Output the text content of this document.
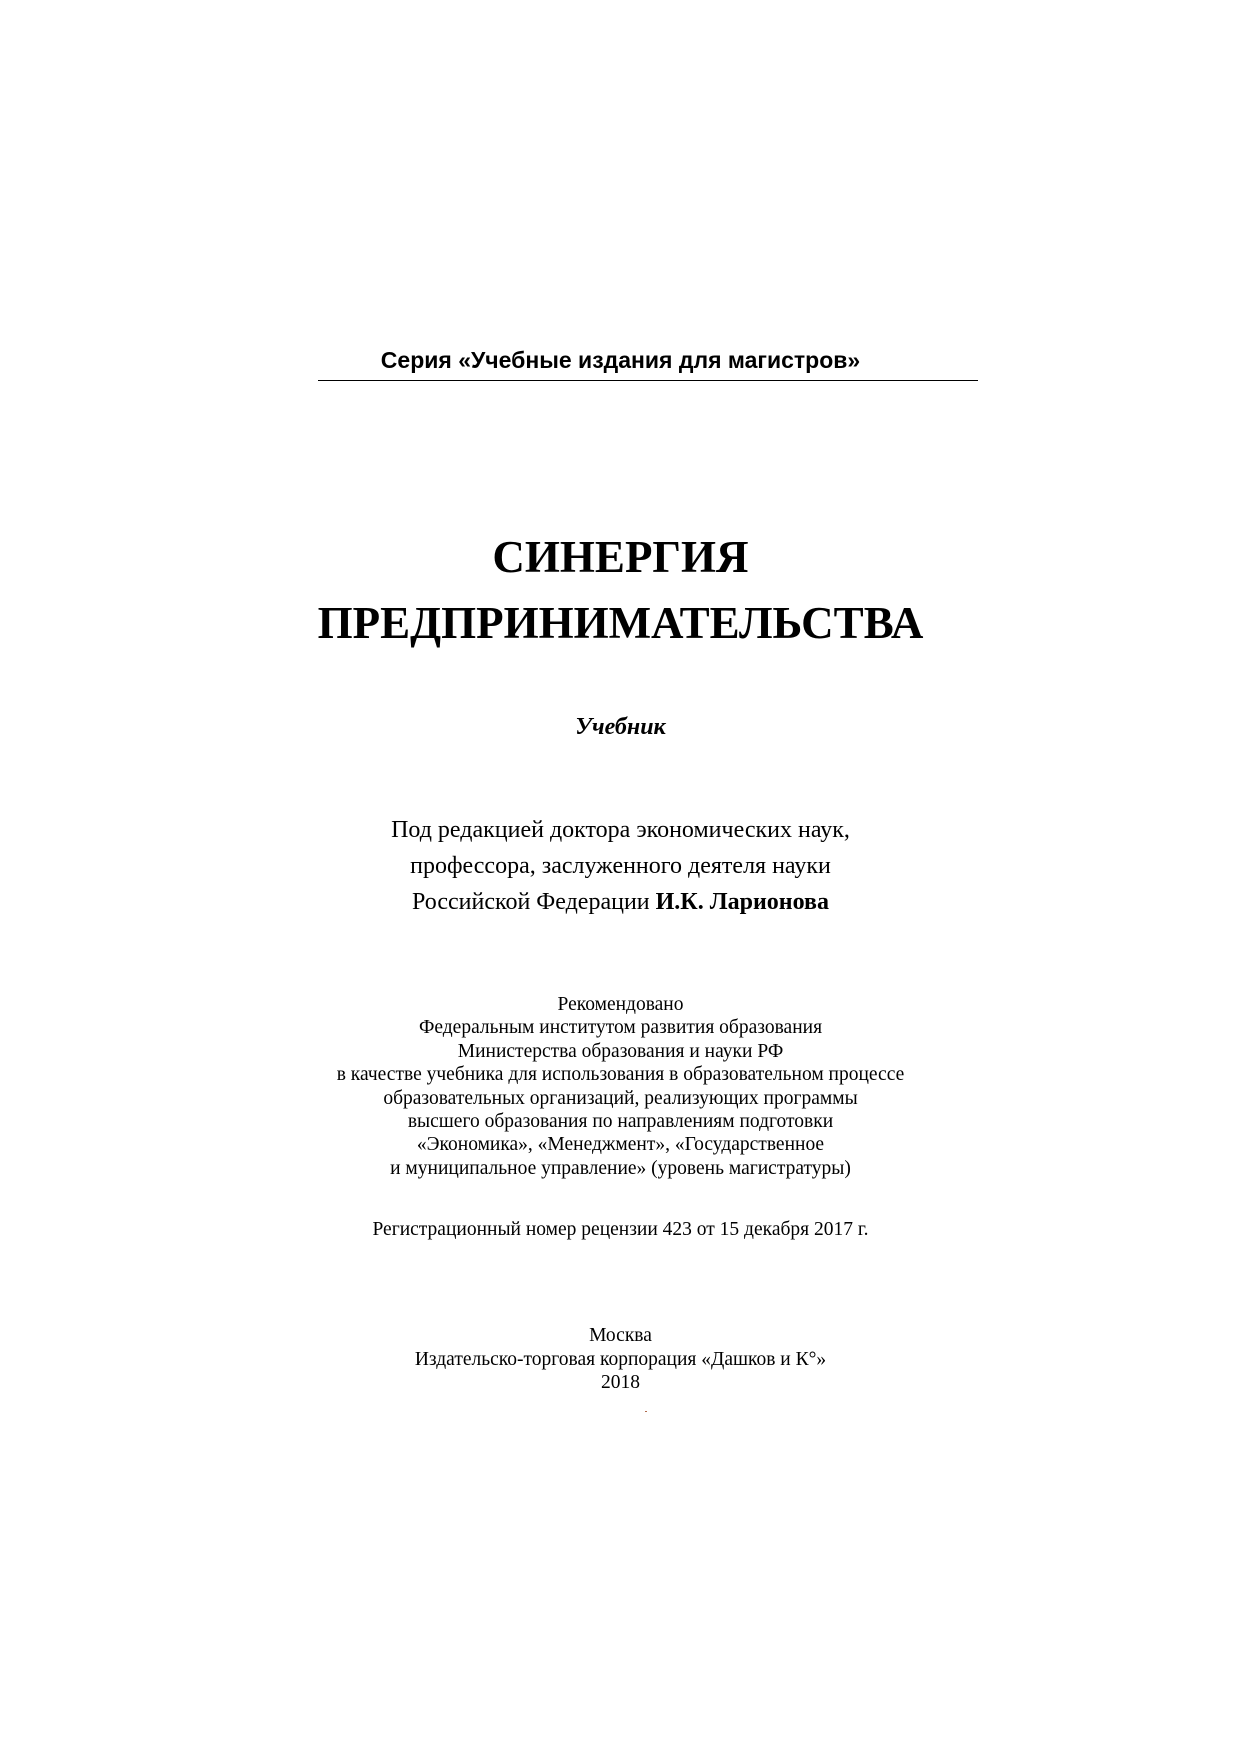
Серия «Учебные издания для магистров»
СИНЕРГИЯ
ПРЕДПРИНИМАТЕЛЬСТВА
Учебник
Под редакцией доктора экономических наук,
профессора, заслуженного деятеля науки
Российской Федерации И.К. Ларионова
Рекомендовано
Федеральным институтом развития образования
Министерства образования и науки РФ
в качестве учебника для использования в образовательном процессе
образовательных организаций, реализующих программы
высшего образования по направлениям подготовки
«Экономика», «Менеджмент», «Государственное
и муниципальное управление» (уровень магистратуры)
Регистрационный номер рецензии 423 от 15 декабря 2017 г.
Москва
Издательско-торговая корпорация «Дашков и К°»
2018
